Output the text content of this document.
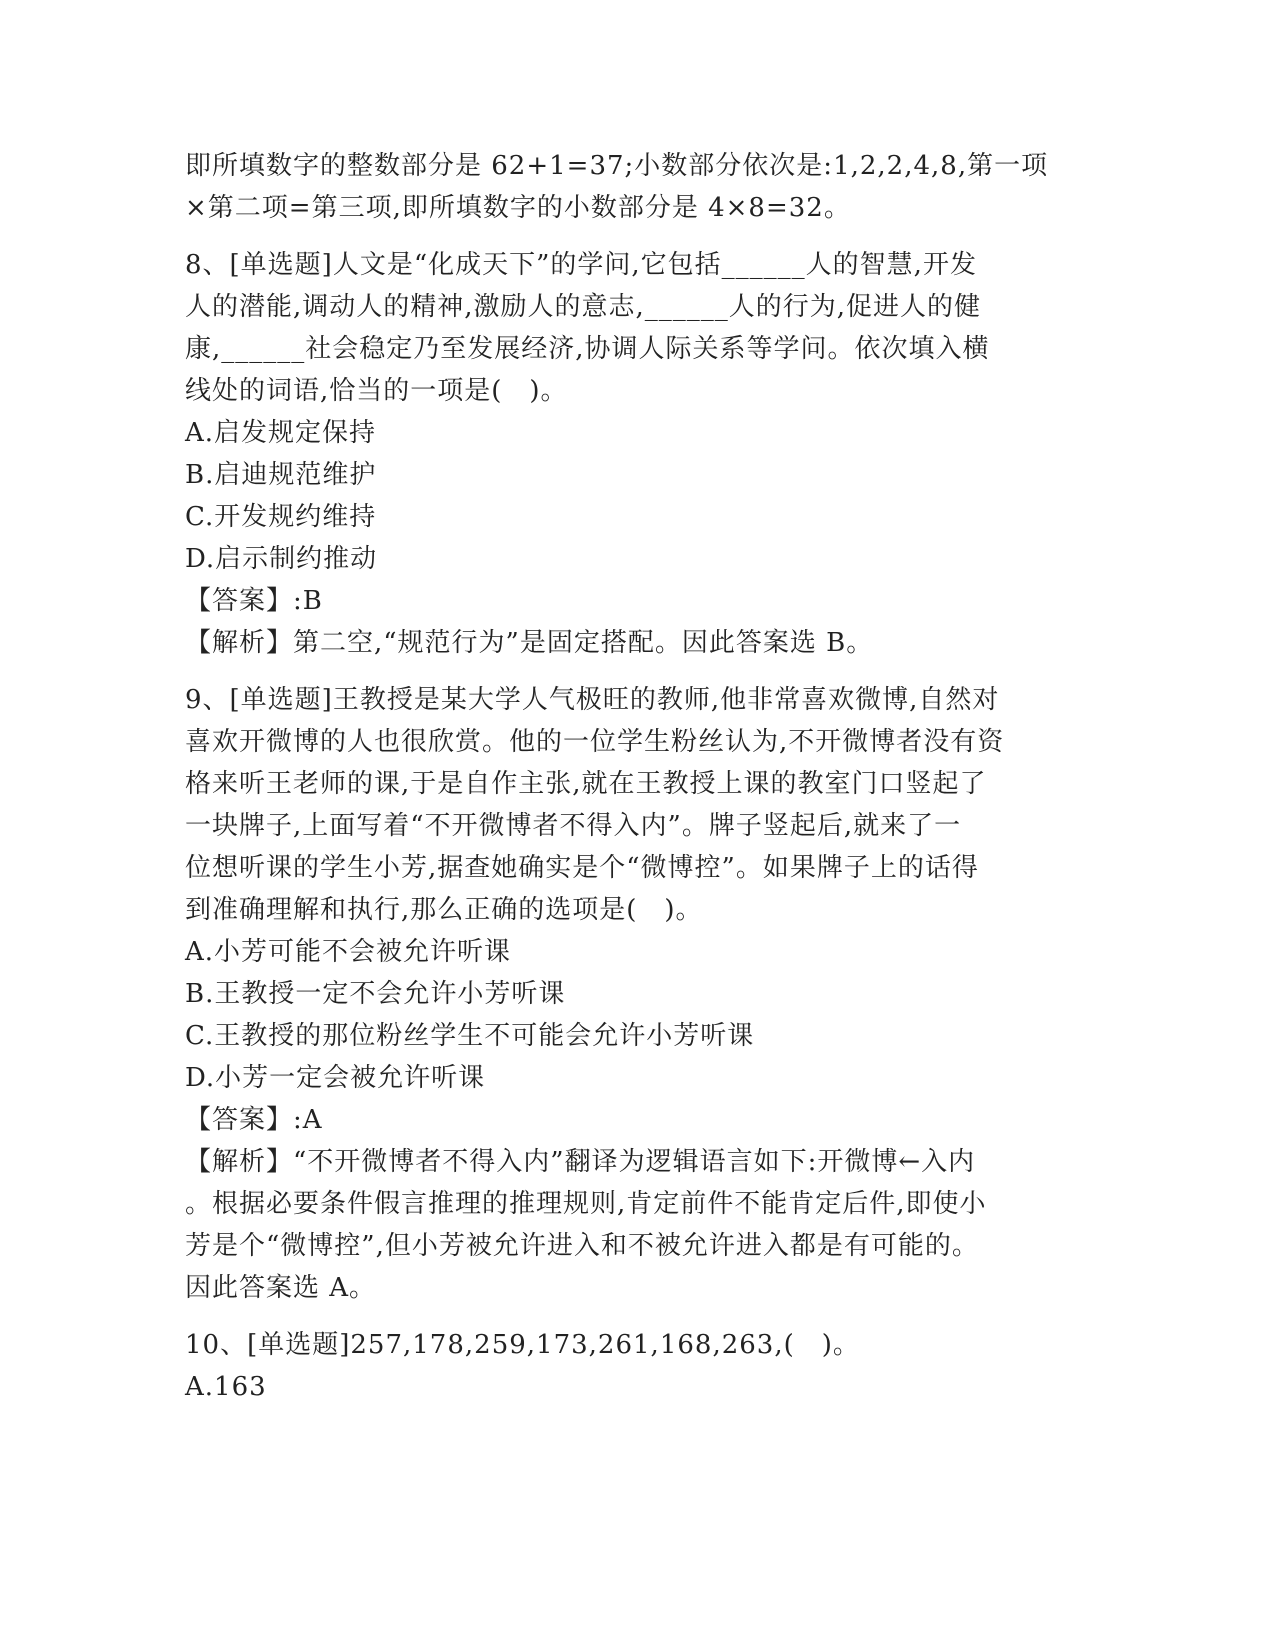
即所填数字的整数部分是 62+1=37;小数部分依次是:1,2,2,4,8,第一项
×第二项=第三项,即所填数字的小数部分是 4×8=32。
8、[单选题]人文是“化成天下”的学问,它包括______人的智慧,开发
人的潜能,调动人的精神,激励人的意志,______人的行为,促进人的健
康,______社会稳定乃至发展经济,协调人际关系等学问。依次填入横
线处的词语,恰当的一项是(　)。
A.启发规定保持
B.启迪规范维护
C.开发规约维持
D.启示制约推动
【答案】:B
【解析】第二空,“规范行为”是固定搭配。因此答案选 B。
9、[单选题]王教授是某大学人气极旺的教师,他非常喜欢微博,自然对
喜欢开微博的人也很欣赏。他的一位学生粉丝认为,不开微博者没有资
格来听王老师的课,于是自作主张,就在王教授上课的教室门口竖起了
一块牌子,上面写着“不开微博者不得入内”。牌子竖起后,就来了一
位想听课的学生小芳,据查她确实是个“微博控”。如果牌子上的话得
到准确理解和执行,那么正确的选项是(　)。
A.小芳可能不会被允许听课
B.王教授一定不会允许小芳听课
C.王教授的那位粉丝学生不可能会允许小芳听课
D.小芳一定会被允许听课
【答案】:A
【解析】“不开微博者不得入内”翻译为逻辑语言如下:开微博←入内
。根据必要条件假言推理的推理规则,肯定前件不能肯定后件,即使小
芳是个“微博控”,但小芳被允许进入和不被允许进入都是有可能的。
因此答案选 A。
10、[单选题]257,178,259,173,261,168,263,(　)。
A.163
